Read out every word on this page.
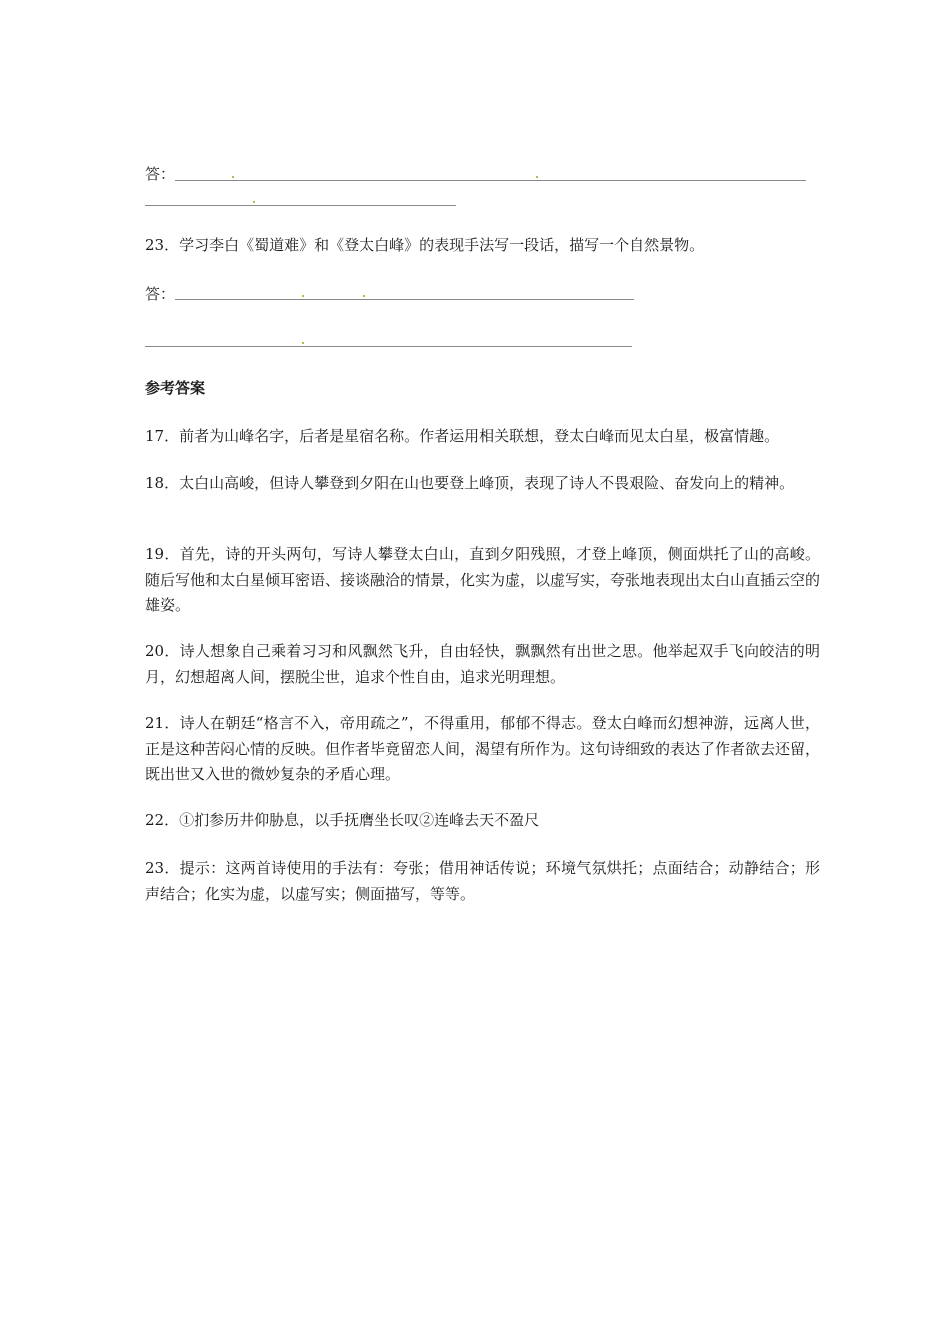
答：
23．学习李白《蜀道难》和《登太白峰》的表现手法写一段话，描写一个自然景物。
答：
参考答案
17．前者为山峰名字，后者是星宿名称。作者运用相关联想，登太白峰而见太白星，极富情趣。
18．太白山高峻，但诗人攀登到夕阳在山也要登上峰顶，表现了诗人不畏艰险、奋发向上的精神。
19．首先，诗的开头两句，写诗人攀登太白山，直到夕阳残照，才登上峰顶，侧面烘托了山的高峻。随后写他和太白星倾耳密语、接谈融洽的情景，化实为虚，以虚写实，夸张地表现出太白山直插云空的雄姿。
20．诗人想象自己乘着习习和风飘然飞升，自由轻快，飘飘然有出世之思。他举起双手飞向皎洁的明月，幻想超离人间，摆脱尘世，追求个性自由，追求光明理想。
21．诗人在朝廷“格言不入，帝用疏之”，不得重用，郁郁不得志。登太白峰而幻想神游，远离人世，正是这种苦闷心情的反映。但作者毕竟留恋人间，渴望有所作为。这句诗细致的表达了作者欲去还留，既出世又入世的微妙复杂的矛盾心理。
22．①扪参历井仰胁息，以手抚膺坐长叹②连峰去天不盈尺
23．提示：这两首诗使用的手法有：夸张；借用神话传说；环境气氛烘托；点面结合；动静结合；形声结合；化实为虚，以虚写实；侧面描写，等等。
